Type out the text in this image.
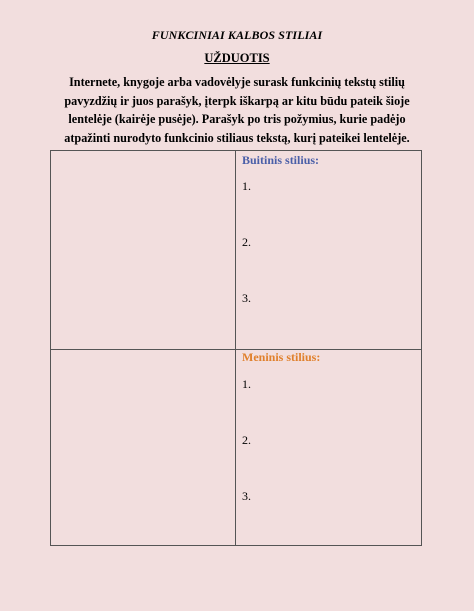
FUNKCINIAI KALBOS STILIAI
UŽDUOTIS
Internete, knygoje arba vadovėlyje surask funkcinių tekstų stilių
pavyzdžių ir juos parašyk, įterpk iškarpą ar kitu būdu pateik šioje
lentelėje (kairėje pusėje). Parašyk po tris požymius, kurie padėjo
atpažinti nurodyto funkcinio stiliaus tekstą, kurį pateikei lentelėje.
Buitinis stilius:
1.
2.
3.
Meninis stilius:
1.
2.
3.
